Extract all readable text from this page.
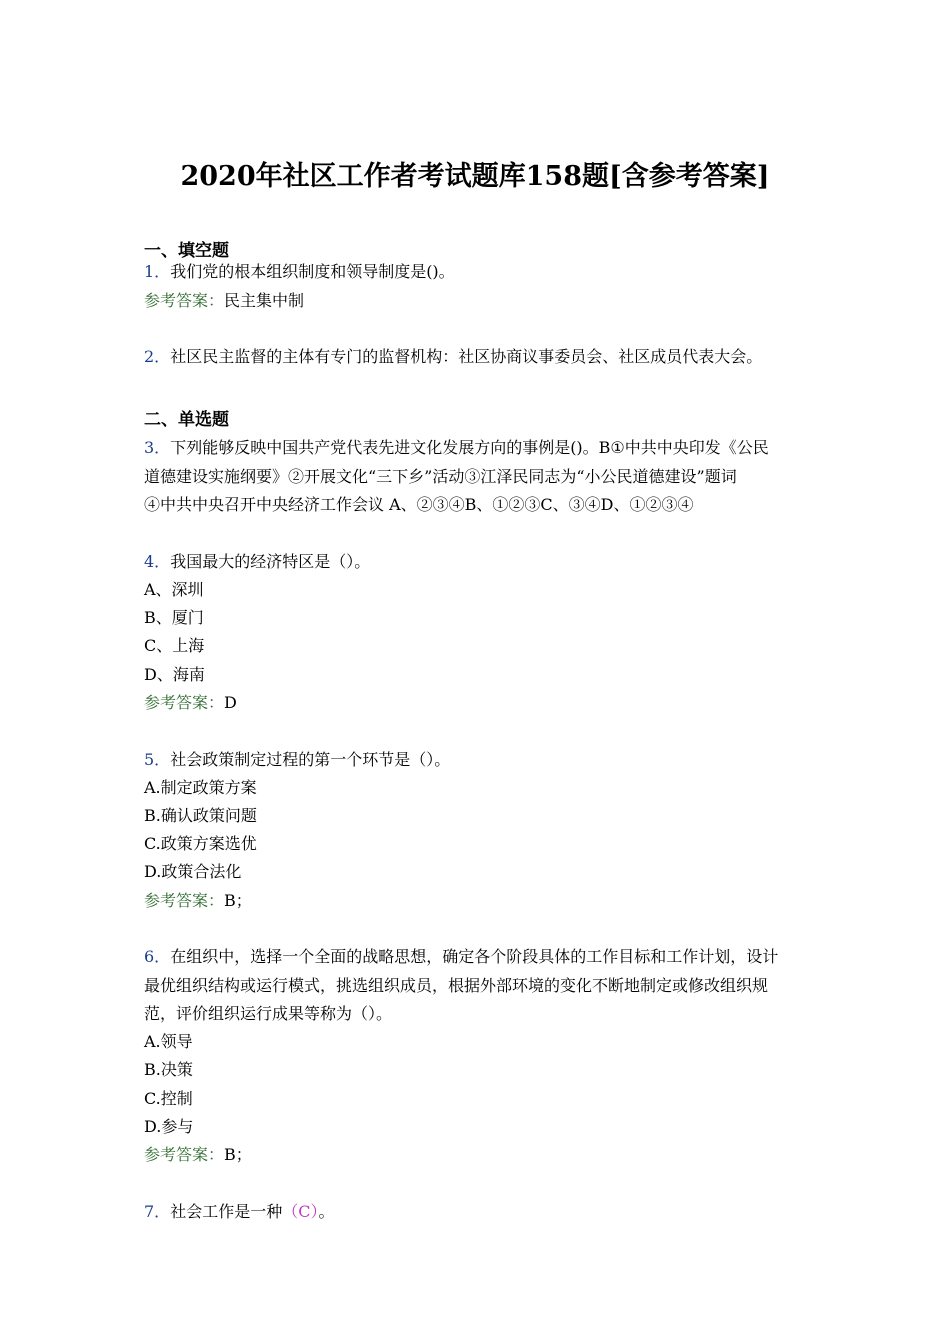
2020年社区工作者考试题库158题[含参考答案]
一、填空题
1．我们党的根本组织制度和领导制度是()。
参考答案：民主集中制
2．社区民主监督的主体有专门的监督机构：社区协商议事委员会、社区成员代表大会。
二、单选题
3．下列能够反映中国共产党代表先进文化发展方向的事例是()。B①中共中央印发《公民
道德建设实施纲要》②开展文化“三下乡”活动③江泽民同志为“小公民道德建设”题词
④中共中央召开中央经济工作会议 A、②③④B、①②③C、③④D、①②③④
4．我国最大的经济特区是（）。
A、深圳
B、厦门
C、上海
D、海南
参考答案：D
5．社会政策制定过程的第一个环节是（）。
A.制定政策方案
B.确认政策问题
C.政策方案选优
D.政策合法化
参考答案：B；
6．在组织中，选择一个全面的战略思想，确定各个阶段具体的工作目标和工作计划，设计
最优组织结构或运行模式，挑选组织成员，根据外部环境的变化不断地制定或修改组织规
范，评价组织运行成果等称为（）。
A.领导
B.决策
C.控制
D.参与
参考答案：B；
7．社会工作是一种（C）。
